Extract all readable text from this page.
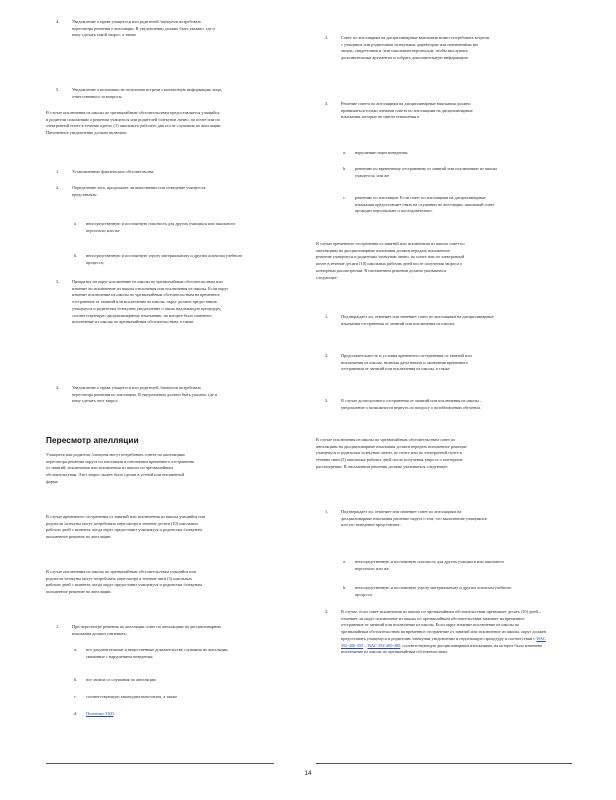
4.	Уведомление о праве учащегося или родителей /опекунов потребовать пересмотра решения о апелляции. В уведомлении должно быть указано, где и кому сделать такой запрос, а также
5.	Уведомление о возможности получения встречи с контактную информацию лица, ответственного за вопросы.
В случае исключения из школы по чрезвычайным обстоятельствам предоставляется учащийся и родители показаниям о решении учащегося или родителей /опекунов лично, по почте или по электронной почте в течение одного (1) школьного рабочего дня после слушания по апелляции. Письменное уведомление должно включать:
1.	Установленные фактические обстоятельства;
2.	Определение того, продолжает ли выполнение или поведение учащегося представлять:
a. непосредственную и постоянную опасность для других учащихся или школьного персонала; или же
b. непосредственную и постоянную угрозу материальному и другим аспектам учебного процесса;
3.	Прекратит ли округ исключение из школы по чрезвычайным обстоятельствам или изменит ли исключение из школы отклонения или исключения из школы. Если округ изменит исключение из школы по чрезвычайным обстоятельствам на временное отстранение от занятий или исключение из школы, округ должен предоставить учащемуся и родителям /опекунам уведомление о таких надлежащую процедуру, соответствующую дисциплинарному взысканию, на которое было изменено исключение из школы по чрезвычайным обстоятельствам, а также
4.	Уведомление о праве учащегося или родителей /опекунов потребовать пересмотра решения по апелляции. В уведомлении должно быть указано, где и кому сделать этот запрос.
Пересмотр апелляции
Учащиеся или родители /опекуны могут потребовать совета по апелляциям пересмотра решения округа по апелляции в отношении временного отстранения от занятий, исключения или исключения из школы по чрезвычайным обстоятельствам. Этот запрос может быть сделан в устной или письменной форме.
В случае временного отстранения от занятий или исключения из школы учащийся или родители /опекуны могут потребовать пересмотра в течение десяти (10) школьных рабочих дней с момента, когда округ предоставит учащемуся и родителям /опекунам письменное решение по апелляции.
В случае исключения из школы по чрезвычайным обстоятельствам учащийся или родители /опекуны могут потребовать пересмотра в течение пяти (5) школьных рабочих дней с момента, когда округ предоставит учащемуся и родителям /опекунам письменное решение по апелляции.
1.	При пересмотре решения по апелляции совет по апелляциям на дисциплинарные взыскания должен учитывать:
a. все документальные и вещественные доказательства слушания по апелляции, связанные с нарушением поведения;
b. все записи со слушания по апелляции;
c. соответствующую законодательно-штата, а также
d. Политику 3300.
2.	Совет по апелляциям на дисциплинарные взыскания может потребовать встречи с учащимся или родителями /опекунами, директором или назначенным им лицом, свидетелями и /или школьным персоналом, чтобы выслушать дополнительные аргументы и собрать дополнительную информацию.
3.	Решение совета по апелляциям на дисциплинарные взыскания должно приниматься только членами совета по апелляциям на дисциплинарные взыскания, которые не имели отношения к
a. нарушению норм поведения;
b. решению по временному отстранению от занятий или исключению из школы учащегося; или же
c. решению по апелляции. Если совет по апелляциям на дисциплинарные взыскания предоставляет связь на слушании по апелляции, школьный совет проводит персонально и последовательно.
В случае временного отстранения от занятий или исключения из школы совет по апелляциям на дисциплинарные взыскания должен передать письменное решение учащемуся и родителям /опекунам лично, по почте или по электронной почте в течение десяти (10) школьных рабочих дней после получения запроса о повторном рассмотрении. В письменном решении должно указываться следующее:
1.	Подтверждает ли, отменяет или изменяет совет по апелляциям на дисциплинарные взыскания отстранения от занятий или исключения из школы;
2.	Продолжительность и условия временного отстранения от занятий или исключения из школы, включая даты начала и окончания временного отстранения от занятий или исключения из школы, а также
3.	В случае долгосрочного отстранения от занятий или исключения из школы – уведомление о возможности вернуть по вопросу о возобновлении обучения.
В случае исключения из школы по чрезвычайным обстоятельствам совет по апелляциям на дисциплинарные взыскания должен передать письменное решение учащемуся и родителям /опекунам лично, по почте или по электронной почте в течение пяти (5) школьных рабочих дней после получения запроса о повторном рассмотрении. В письменном решении должно указываться следующее:
1.	Подтверждает ли, отменяет или изменяет совет по апелляциям на дисциплинарные взыскания решение округа о том, что выполнение учащимися или его поведение представляет:
a. непосредственную и постоянную опасность для других учащихся или школьного персонала; или же
b. непосредственную и постоянную угрозу материальному и другим аспектам учебного процесса.
2.	В случае, если совет исключения из школы по чрезвычайным обстоятельствам превышает десять (10) дней – отменяет ли округ исключение из школы по чрезвычайным обстоятельствам заменяет на временное отстранение от занятий или исключение из школы. Если округ изменит исключение из школы по чрезвычайным обстоятельствам на временное отстранение от занятий или исключение из школы, округ должен предоставить учащемуся и родителям /опекунам уведомление и надлежащую процедуру в соответствии с WAC 392-400-455 – WAC 392-400-480, соответствующую дисциплинарным взысканиям, на которое было изменено исключение из школы по чрезвычайным обстоятельствам.
14
